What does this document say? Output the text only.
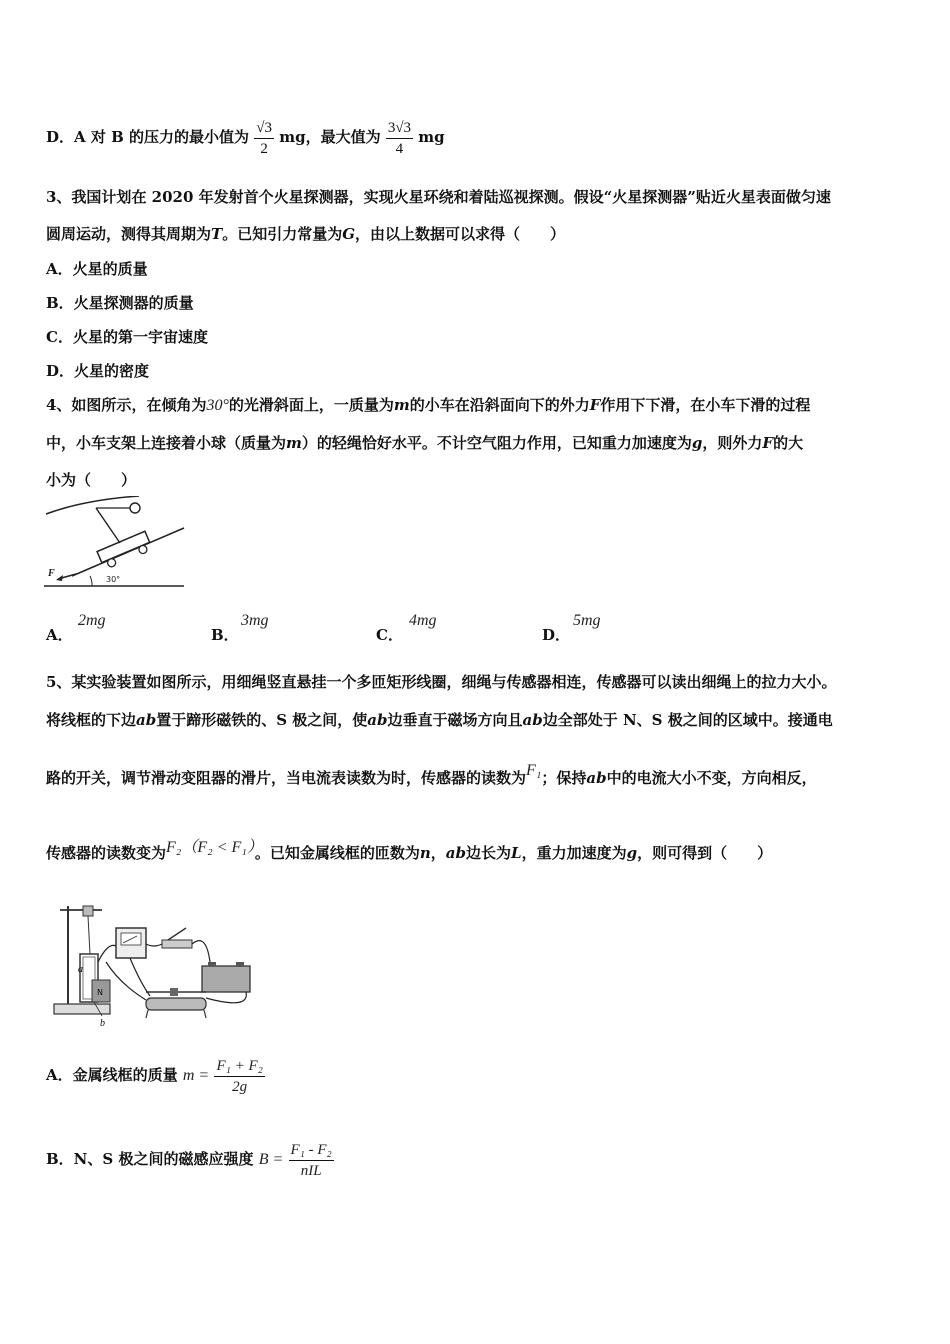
D．A 对 B 的压力的最小值为 $\frac{√3}{2}$ mg，最大值为 $\frac{3√3}{4}$ mg
3、我国计划在 2020 年发射首个火星探测器，实现火星环绕和着陆巡视探测。假设“火星探测器”贴近火星表面做匀速
圆周运动，测得其周期为T。已知引力常量为G，由以上数据可以求得（　　）
A．火星的质量
B．火星探测器的质量
C．火星的第一宇宙速度
D．火星的密度
4、如图所示，在倾角为30°的光滑斜面上，一质量为m的小车在沿斜面向下的外力F作用下下滑，在小车下滑的过程
中，小车支架上连接着小球（质量为m）的轻绳恰好水平。不计空气阻力作用，已知重力加速度为g，则外力F的大
小为（　　）
F
30°
A．
2mg
B．
3mg
C．
4mg
D．
5mg
5、某实验装置如图所示，用细绳竖直悬挂一个多匝矩形线圈，细绳与传感器相连，传感器可以读出细绳上的拉力大小。
将线框的下边ab置于蹄形磁铁的、S 极之间，使ab边垂直于磁场方向且ab边全部处于 N、S 极之间的区域中。接通电
路的开关，调节滑动变阻器的滑片，当电流表读数为时，传感器的读数为F₁；保持ab中的电流大小不变，方向相反，
传感器的读数变为F₂（F₂ < F₁）。已知金属线框的匝数为n，ab边长为L，重力加速度为g，则可得到（　　）
N
a
b
A．金属线框的质量 $m = \frac{\text{F₁ + F₂}}{2g}$
B．N、S 极之间的磁感应强度 $B = \frac{\text{F₁ - F₂}}{\text{nIL}}$
